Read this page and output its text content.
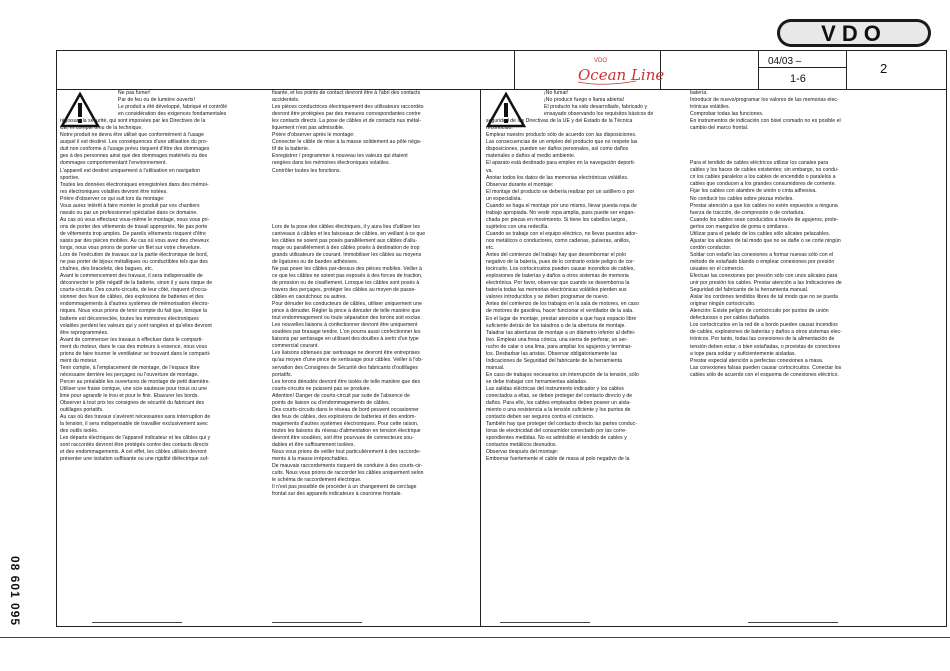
VDO
VDO
Ocean Line
04/03 –
1-6
2

Ne pas fumer!

Par de feu ou de lumière ouverts!

Le produit a été développé, fabriqué et contrôlé

en considération des exigences fondamentales

régissant la sécurité, qui sont imposées par les Directives de la

CE, et compte tenu de la technique.

Notre produit ne devra être utilisé que conformément à l'usage

auquel il est destiné. Les conséquences d'une utilisation du pro-

duit non conforme à l'usage prévu risquent d'être des dommages

ges à des personnes ainsi que des dommages matériels ou des

dommages comportementant l'environnement.

L'appareil est destiné uniquement à l'utilisation en navigation

sportive.

Toutes les données électroniques enregistrées dans des mémoi-

res électroniques volatiles devront être notées.

Prière d'observer ce qui suit lors du montage:

Vous aurez intérêt à faire monter le produit par vos chantiers

navals ou par un professionnel spécialisé dans ce domaine.

Au cas où vous effectuez vous-même le montage, nous vous pri-

ons de porter des vêtements de travail appropriés. Ne pas porte

de vêtements trop amples. De pareils vêtements risquent d'être

saisis par des pièces mobiles. Au cas où vous avez des cheveux

longs, nous vous prions de porter un filet sur votre chevelure.

Lors de l'exécution de travaux sur la partie électronique de bord,

ne pas porter de bijoux métalliques ou conductibles tels que des

chaînes, des bracelets, des bagues, etc.

Avant le commencement des travaux, il sera indispensable de

déconnecter le pôle négatif de la batterie, sinon il y aura risque de

courts-circuits. Des courts-circuits, de leur côté, risquent d'occa-

sionner des feux de câbles, des explosions de batteries et des

endommagements à d'autres systèmes de mémorisation électro-

niques. Nous vous prions de tenir compte du fait que, lorsque la

batterie est déconnectée, toutes les mémoires électroniques

volatiles perdent les valeurs qui y sont rangées et qu'elles devront

être reprogrammées.

Avant de commencer les travaux à effectuer dans le comparti-

ment du moteur, dans le cas des moteurs à essence, nous vous

prions de faire tourner le ventilateur se trouvant dans le comparti-

ment du moteur.

Tenir compte, à l'emplacement de montage, de l'espace libre

nécessaire derrière les perçages ou l'ouverture de montage.

Percer au préalable les ouvertures de montage de petit diamètre.

Utiliser une fraise conique, une scie sauteuse pour trous ou une

lime pour agrandir le trou et pour le finir. Ebavurer les bords.

Observer à tout prix les consignes de sécurité du fabricant des

outillages portatifs.

Au cas où des travaux s'avèrent nécessaires sans interruption de

la tension, il sera indispensable de travailler exclusivement avec

des outils isolés.

Les départs électriques de l'appareil indicateur et les câbles qui y

sont raccordés devront être protégés contre des contacts directs

et des endommagements. A cet effet, les câbles utilisés devront

présenter une isolation suffisante ou une rigidité diélectrique suf-

fisante, et les points de contact devront être à l'abri des contacts

accidentels.

Les pièces conductrices électriquement des utilisateurs raccordés

devront être protégées par des mesures correspondantes contre

les contacts directs. La pose de câbles et de contacts nus métal-

liquement n'est pas admissible.

Prière d'observer après le montage:

Connecter le câble de mise à la masse solidement au pôle néga-

tif de la batterie.

Enregistrer / programmer à nouveau les valeurs qui étaient

rangées dans les mémoires électroniques volatiles.

Contrôler toutes les fonctions.

Lors de la pose des câbles électriques, il y aura lieu d'utiliser les

caniveaux à câbles et les faisceaux de câbles, en veillant à ce que

les câbles ne soient pas posés parallèlement aux câbles d'allu-

mage ou parallèlement à des câbles posés à destination de trop

grands utilisateurs de courant. Immobiliser les câbles au moyens

de ligatures ou de bandes adhésives.

Ne pas poser les câbles par-dessus des pièces mobiles. Veiller à

ce que les câbles ne soient pas exposés à des forces de traction,

de pression ou de cisaillement. Lorsque les câbles sont posés à

travers des perçages, protéger les câbles au moyen de passe-

câbles en caoutchouc ou autres.

Pour dénuder les conducteurs de câbles, utiliser uniquement une

pince à dénuder. Régler la pince à dénuder de telle manière que

tout endommagement ou toute séparation des torons soit exclue.

Les nouvelles liaisons à confectionner devront être uniquement

soudées par brasage tendre. L'on pourra aussi confectionner les

liaisons par sertissage en utilisant des douilles à sertir d'un type

commercial courant.

Les liaisons obtenues par sertissage ne devront être entreprises

qu'au moyen d'une pince de sertissage pour câbles. Veiller à l'ob-

servation des Consignes de Sécurité des fabricants d'outillages

portatifs.

Les torons dénudés devront être isolés de telle manière que des

courts-circuits ne puissent pas se produire.

Attention! Danger de courts-circuit par suite de l'absence de

points de liaison ou d'endommagements de câbles.

Des courts-circuits dans le réseau de bord peuvent occasionner

des feux de câbles, des explosions de batteries et des endom-

magements d'autres systèmes électroniques. Pour cette raison,

toutes les liaisons du réseau d'alimentation en tension électrique

devront être soudées, soit être pourvues de connecteurs sou-

dables et être suffisamment isolées.

Nous vous prions de veiller tout particulièrement à des raccorde-

ments à la masse irréprochables.

De mauvais raccordements risquent de conduire à des courts-cir-

cuits. Nous vous prions de raccorder les câbles uniquement selon

le schéma de raccordement électrique.

Il n'est pas possible de procéder à un changement de cerclage

frontal sur des appareils indicateurs à couronne frontale.

¡No fumar!

¡No producir fuego o llama abierta!

El producto ha sido desarrollado, fabricado y

ensayado observando los requisitos básicos de

seguridad de las Directivas de la UE y del Estado de la Técnica

reconocido.

Emplear nuestro producto sólo de acuerdo con las disposiciones.

Las consecuencias de un empleo del producto que no respete las

disposiciones, pueden ser daños personales, así como daños

materiales o daños al medio ambiente.

El aparato está destinado para empleo en la navegación deporti-

va.

Anotar todos los datos de las memorias electrónicas volátiles.

Observar durante el montaje:

El montaje del producto se debería realizar por un astillero o por

un especialista.

Cuando se haga el montaje por uno mismo, llevar puesta ropa de

trabajo apropiada. No vestir ropa amplia, pues puede ser engan-

chada por piezas en movimiento. Si tiene los cabellos largos,

sujételos con una redecilla.

Cuando se trabaje con el equipo eléctrico, no llevar puestos ador-

nos metálicos o conductores, como cadenas, pulseras, anillos,

etc.

Antes del comienzo del trabajo hay que desembornar el polo

negativo de la batería, pues de lo contrario existe peligro de cor-

tocircuito. Los cortocircuitos pueden causar incendios de cables,

explosiones de baterías y daños a otros sistemas de memoria

electrónica. Por favor, observar que cuando se desemborna la

batería todas las memorias electrónicas volátiles pierden sus

valores introducidos y se deben programar de nuevo.

Antes del comienzo de los trabajos en la sala de motores, en caso

de motores de gasolina, hacer funcionar el ventilador de la sala.

En el lugar de montaje, prestar atención a que haya espacio libre

suficiente detrás de los taladros o de la abertura de montaje.

Taladrar las aberturas de montaje a un diámetro inferior al defini-

tivo. Emplear una fresa cónica, una sierra de perforar, un ser-

rucho de calar o una lima, para ampliar los agujeros y terminar-

los. Desbarbar las aristas. Observar obligatoriamente las

Indicaciones de Seguridad del fabricante de la herramienta

manual.

En caso de trabajos necesarios sin interrupción de la tensión, sólo

se debe trabajar con herramientas aisladas.

Las salidas eléctricas del instrumento indicador y los cables

conectados a ellas, se deben proteger del contacto directo y de

daños. Para ello, los cables empleados deben poseer un aisla-

miento o una resistencia a la tensión suficiente y los puntos de

contacto deben ser seguros contra el contacto.

También hay que proteger del contacto directo las partes conduc-

toras de electricidad del consumidor conectado por las corre-

spondientes medidas. No es admisible el tendido de cables y

contactos metálicos desnudos.

Observar después del montaje:

Embornar fuertemente el cable de masa al polo negativo de la

batería.

Introducir de nuevo/programar los valores de las memorias elec-

trónicas volátiles.

Comprobar todas las funciones.

En instrumentos de indicación con bisel cromado no es posible el

cambio del marco frontal.

Para el tendido de cables eléctricos utilizar los canales para

cables y los haces de cables existentes; sin embargo, no condu-

cir los cables paralelos a los cables de encendido o paralelos a

cables que conducen a los grandes consumidores de corriente.

Fijar los cables con alambre de unión o cinta adhesiva.

No conducir los cables sobre piezas móviles.

Prestar atención a que los cables no estén expuestos a ninguna

fuerza de tracción, de compresión o de cortadura.

Cuando los cables sean conducidos a través de agujeros, prote-

gerlos con manguitos de goma o similares.

Utilizar para el pelado de los cables sólo alicates pelacables.

Ajustar los alicates de tal modo que no se dañe o se corte ningún

cordón conductor.

Soldar con estaño las conexiones a formar nuevas sólo con el

método de estañado blando o emplear conexiones por presión

usuales en el comercio.

Efectuar las conexiones por presión sólo con unos alicates para

unir por presión los cables. Prestar atención a las Indicaciones de

Seguridad del fabricante de la herramienta manual.

Aislar los cordones tendidos libres de tal modo que no se pueda

originar ningún cortocircuito.

Atención: Existe peligro de cortocircuito por puntos de unión

defectuosos o por cables dañados.

Los cortocircuitos en la red de a bordo pueden causar incendios

de cables, explosiones de baterías y daños a otros sistemas elec-

trónicos. Por tanto, todas las conexiones de la alimentación de

tensión deben estar, o bien estañadas, o provistas de conectores

a tope para soldar y suficientemente aisladas.

Prestar especial atención a perfectas conexiones a masa.

Las conexiones falsas pueden causar cortocircuitos. Conectar los

cables sólo de acuerdo con el esquema de conexiones eléctrico.

08 601 095
